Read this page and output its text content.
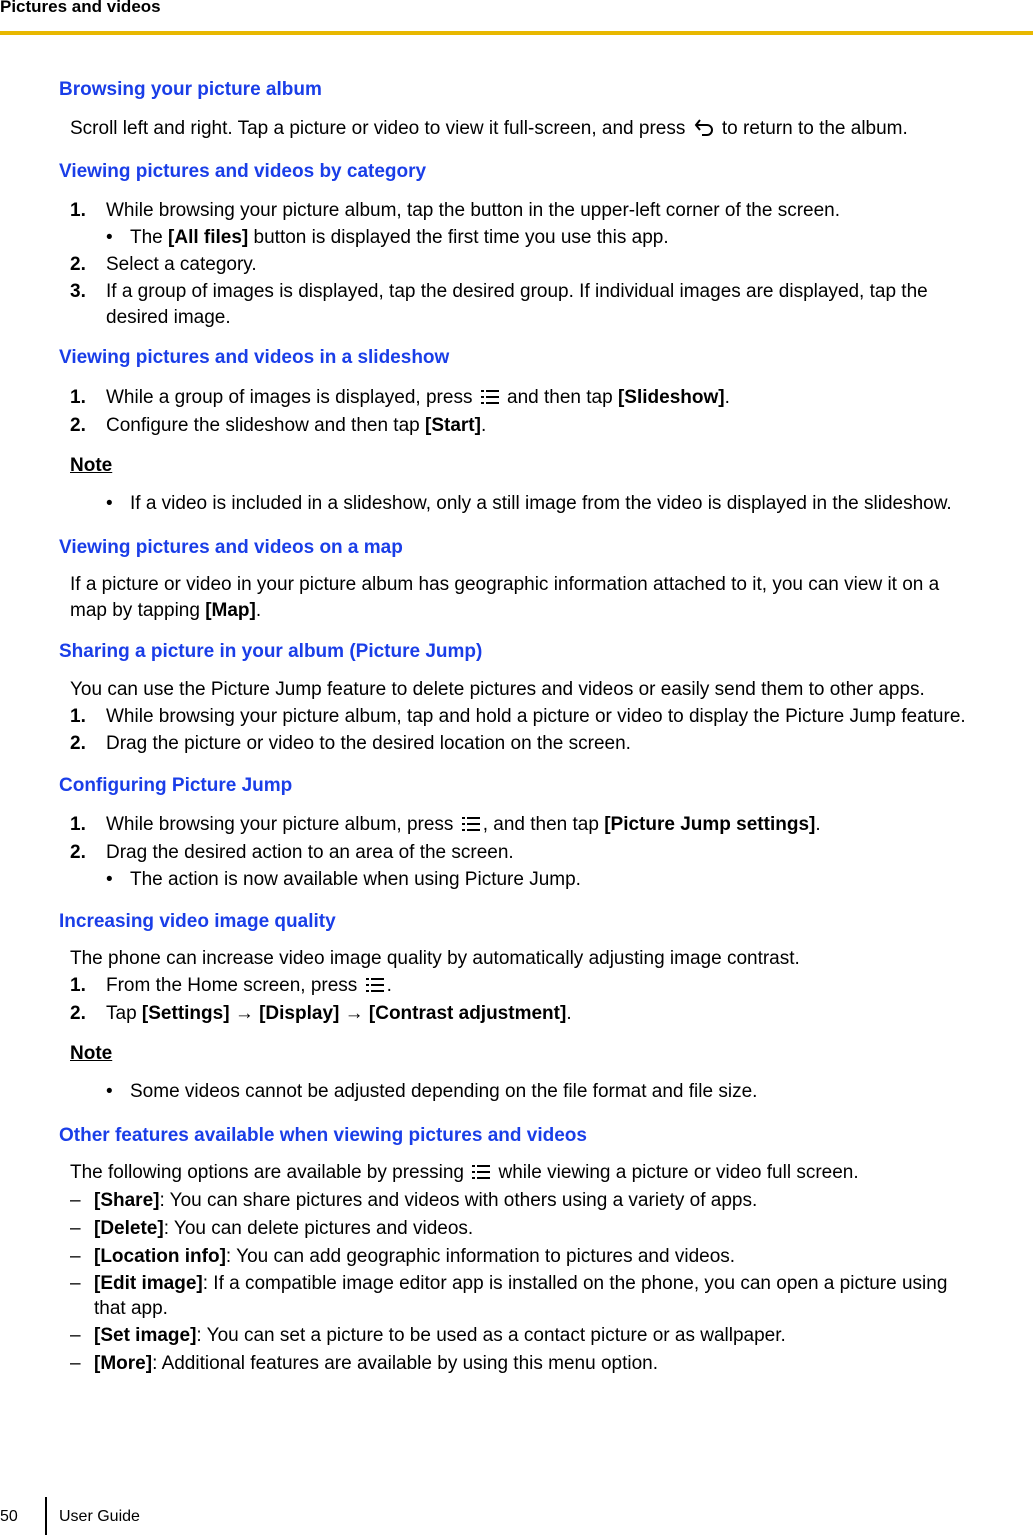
Pictures and videos
Browsing your picture album
Scroll left and right. Tap a picture or video to view it full-screen, and press to return to the album.
Viewing pictures and videos by category
1. While browsing your picture album, tap the button in the upper-left corner of the screen.
• The [All files] button is displayed the first time you use this app.
2. Select a category.
3. If a group of images is displayed, tap the desired group. If individual images are displayed, tap the
desired image.
Viewing pictures and videos in a slideshow
1. While a group of images is displayed, press and then tap [Slideshow].
2. Configure the slideshow and then tap [Start].
Note
• If a video is included in a slideshow, only a still image from the video is displayed in the slideshow.
Viewing pictures and videos on a map
If a picture or video in your picture album has geographic information attached to it, you can view it on a
map by tapping [Map].
Sharing a picture in your album (Picture Jump)
You can use the Picture Jump feature to delete pictures and videos or easily send them to other apps.
1. While browsing your picture album, tap and hold a picture or video to display the Picture Jump feature.
2. Drag the picture or video to the desired location on the screen.
Configuring Picture Jump
1. While browsing your picture album, press , and then tap [Picture Jump settings].
2. Drag the desired action to an area of the screen.
• The action is now available when using Picture Jump.
Increasing video image quality
The phone can increase video image quality by automatically adjusting image contrast.
1. From the Home screen, press .
2. Tap [Settings] → [Display] → [Contrast adjustment].
Note
• Some videos cannot be adjusted depending on the file format and file size.
Other features available when viewing pictures and videos
The following options are available by pressing while viewing a picture or video full screen.
– [Share]: You can share pictures and videos with others using a variety of apps.
– [Delete]: You can delete pictures and videos.
– [Location info]: You can add geographic information to pictures and videos.
– [Edit image]: If a compatible image editor app is installed on the phone, you can open a picture using
that app.
– [Set image]: You can set a picture to be used as a contact picture or as wallpaper.
– [More]: Additional features are available by using this menu option.
50	User Guide
